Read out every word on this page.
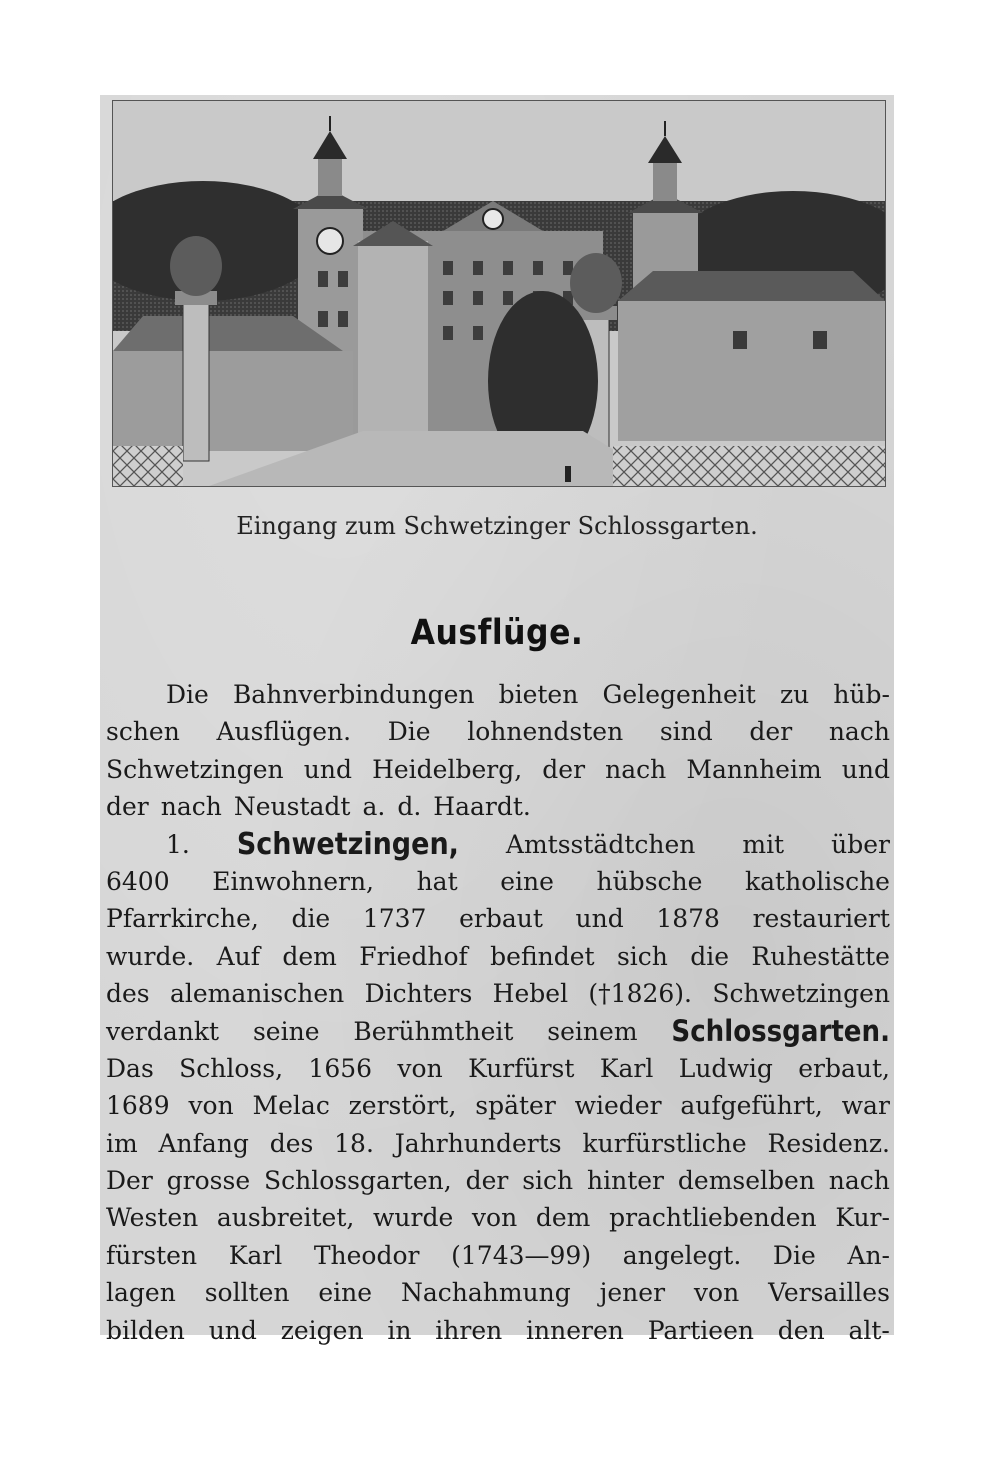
Eingang zum Schwetzinger Schlossgarten.
Ausflüge.
Die Bahnverbindungen bieten Gelegenheit zu hüb-
schen Ausflügen. Die lohnendsten sind der nach
Schwetzingen und Heidelberg, der nach Mannheim und
der nach Neustadt a. d. Haardt.
1. Schwetzingen, Amtsstädtchen mit über
6400 Einwohnern, hat eine hübsche katholische
Pfarrkirche, die 1737 erbaut und 1878 restauriert
wurde. Auf dem Friedhof befindet sich die Ruhestätte
des alemanischen Dichters Hebel (†1826). Schwetzingen
verdankt seine Berühmtheit seinem Schlossgarten.
Das Schloss, 1656 von Kurfürst Karl Ludwig erbaut,
1689 von Melac zerstört, später wieder aufgeführt, war
im Anfang des 18. Jahrhunderts kurfürstliche Residenz.
Der grosse Schlossgarten, der sich hinter demselben nach
Westen ausbreitet, wurde von dem prachtliebenden Kur-
fürsten Karl Theodor (1743—99) angelegt. Die An-
lagen sollten eine Nachahmung jener von Versailles
bilden und zeigen in ihren inneren Partieen den alt-
